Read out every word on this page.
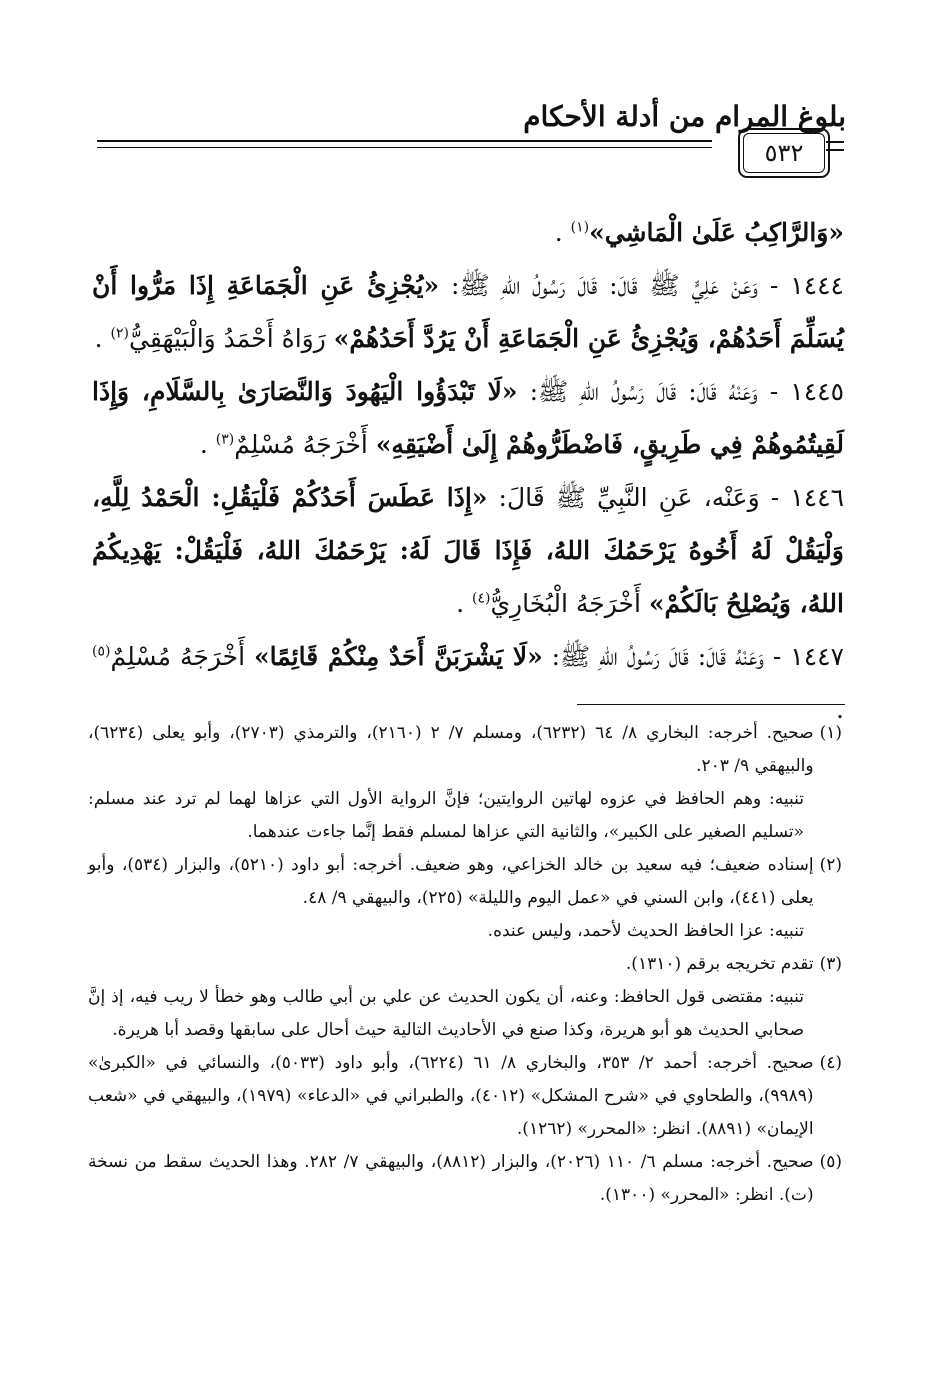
بلوغ المرام من أدلة الأحكام
٥٣٢

«وَالرَّاكِبُ عَلَىٰ الْمَاشِي»$^{(١)}$ .

١٤٤٤ - وَعَنْ عَلِيٍّ ﷺ قَالَ: قَالَ رَسُولُ اللهِ ﷺ: «يُجْزِئُ عَنِ الْجَمَاعَةِ إِذَا مَرُّوا أَنْ يُسَلِّمَ أَحَدُهُمْ، وَيُجْزِئُ عَنِ الْجَمَاعَةِ أَنْ يَرُدَّ أَحَدُهُمْ» رَوَاهُ أَحْمَدُ وَالْبَيْهَقِيُّ$^{(٢)}$ .

١٤٤٥ - وَعَنْهُ قَالَ: قَالَ رَسُولُ اللهِ ﷺ: «لَا تَبْدَؤُوا الْيَهُودَ وَالنَّصَارَىٰ بِالسَّلَامِ، وَإِذَا لَقِيتُمُوهُمْ فِي طَرِيقٍ، فَاضْطَرُّوهُمْ إِلَىٰ أَضْيَقِهِ» أَخْرَجَهُ مُسْلِمٌ$^{(٣)}$ .

١٤٤٦ - وَعَنْه، عَنِ النَّبِيِّ ﷺ قَالَ: «إِذَا عَطَسَ أَحَدُكُمْ فَلْيَقُلِ: الْحَمْدُ لِلَّهِ، وَلْيَقُلْ لَهُ أَخُوهُ يَرْحَمُكَ اللهُ، فَإِذَا قَالَ لَهُ: يَرْحَمُكَ اللهُ، فَلْيَقُلْ: يَهْدِيكُمُ اللهُ، وَيُصْلِحُ بَالَكُمْ» أَخْرَجَهُ الْبُخَارِيُّ$^{(٤)}$ .

١٤٤٧ - وَعَنْهُ قَالَ: قَالَ رَسُولُ اللهِ ﷺ: «لَا يَشْرَبَنَّ أَحَدٌ مِنْكُمْ قَائِمًا» أَخْرَجَهُ مُسْلِمٌ$^{(٥)}$ .

(١)
صحيح. أخرجه: البخاري ٨/ ٦٤ (٦٢٣٢)، ومسلم ٧/ ٢ (٢١٦٠)، والترمذي (٢٧٠٣)، وأبو يعلى (٦٢٣٤)، والبيهقي ٩/ ٢٠٣.

تنبيه: وهم الحافظ في عزوه لهاتين الروايتين؛ فإنَّ الرواية الأول التي عزاها لهما لم ترد عند مسلم: «تسليم الصغير على الكبير»، والثانية التي عزاها لمسلم فقط إنَّما جاءت عندهما.

(٢)
إسناده ضعيف؛ فيه سعيد بن خالد الخزاعي، وهو ضعيف. أخرجه: أبو داود (٥٢١٠)، والبزار (٥٣٤)، وأبو يعلى (٤٤١)، وابن السني في «عمل اليوم والليلة» (٢٢٥)، والبيهقي ٩/ ٤٨.

تنبيه: عزا الحافظ الحديث لأحمد، وليس عنده.

(٣)
تقدم تخريجه برقم (١٣١٠).

تنبيه: مقتضى قول الحافظ: وعنه، أن يكون الحديث عن علي بن أبي طالب وهو خطأ لا ريب فيه، إذ إنَّ صحابي الحديث هو أبو هريرة، وكذا صنع في الأحاديث التالية حيث أحال على سابقها وقصد أبا هريرة.

(٤)
صحيح. أخرجه: أحمد ٢/ ٣٥٣، والبخاري ٨/ ٦١ (٦٢٢٤)، وأبو داود (٥٠٣٣)، والنسائي في «الكبرىٰ» (٩٩٨٩)، والطحاوي في «شرح المشكل» (٤٠١٢)، والطبراني في «الدعاء» (١٩٧٩)، والبيهقي في «شعب الإيمان» (٨٨٩١). انظر: «المحرر» (١٢٦٢).
(٥)
صحيح. أخرجه: مسلم ٦/ ١١٠ (٢٠٢٦)، والبزار (٨٨١٢)، والبيهقي ٧/ ٢٨٢. وهذا الحديث سقط من نسخة (ت). انظر: «المحرر» (١٣٠٠).
